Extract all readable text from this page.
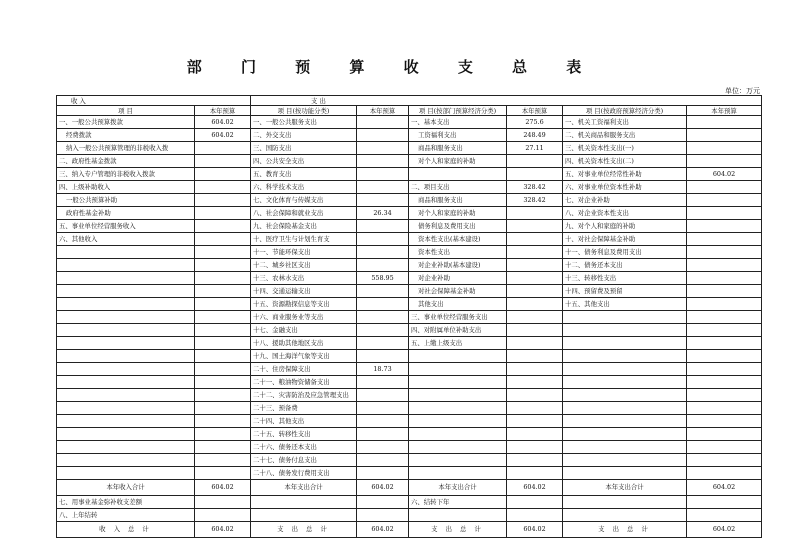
部 门 预 算 收 支 总 表
单位：万元
收 入		支 出					
项 目	本年预算	项 目(按功能分类)	本年预算	项 目(按部门预算经济分类)	本年预算	项 目(按政府预算经济分类)	本年预算
一、一般公共预算拨款	604.02	一、一般公共服务支出		一、基本支出	275.6	一、机关工资福利支出	
经费拨款	604.02	二、外交支出		工资福利支出	248.49	二、机关商品和服务支出	
纳入一般公共预算管理的非税收入拨		三、国防支出		商品和服务支出	27.11	三、机关资本性支出(一)	
二、政府性基金拨款		四、公共安全支出		对个人和家庭的补助		四、机关资本性支出(二)	
三、纳入专户管理的非税收入拨款		五、教育支出				五、对事业单位经常性补助	604.02
四、上级补助收入		六、科学技术支出		二、项目支出	328.42	六、对事业单位资本性补助	
一般公共预算补助		七、文化体育与传媒支出		商品和服务支出	328.42	七、对企业补助	
政府性基金补助		八、社会保障和就业支出	26.34	对个人和家庭的补助		八、对企业资本性支出	
五、事业单位经营服务收入		九、社会保险基金支出		债务利息及费用支出		九、对个人和家庭的补助	
六、其他收入		十、医疗卫生与计划生育支		资本性支出(基本建设)		十、对社会保障基金补助	
		十一、节能环保支出		资本性支出		十一、债务利息及费用支出	
		十二、城乡社区支出		对企业补助(基本建设)		十二、债务还本支出	
		十三、农林水支出	558.95	对企业补助		十三、转移性支出	
		十四、交通运输支出		对社会保障基金补助		十四、预留费及预留	
		十五、资源勘探信息等支出		其他支出		十五、其他支出	
		十六、商业服务业等支出		三、事业单位经营服务支出			
		十七、金融支出		四、对附属单位补助支出			
		十八、援助其他地区支出		五、上缴上级支出			
		十九、国土海洋气象等支出					
		二十、住房保障支出	18.73				
		二十一、粮油物资储备支出					
		二十二、灾害防治及应急管理支出					
		二十三、预备费					
		二十四、其他支出					
		二十五、转移性支出					
		二十六、债务还本支出					
		二十七、债务付息支出					
		二十八、债务发行费用支出					
本年收入合计	604.02	本年支出合计	604.02	本年支出合计	604.02	本年支出合计	604.02
七、用事业基金弥补收支差额				六、结转下年			
八、上年结转							
收 入 总 计	604.02	支 出 总 计	604.02	支 出 总 计	604.02	支 出 总 计	604.02
